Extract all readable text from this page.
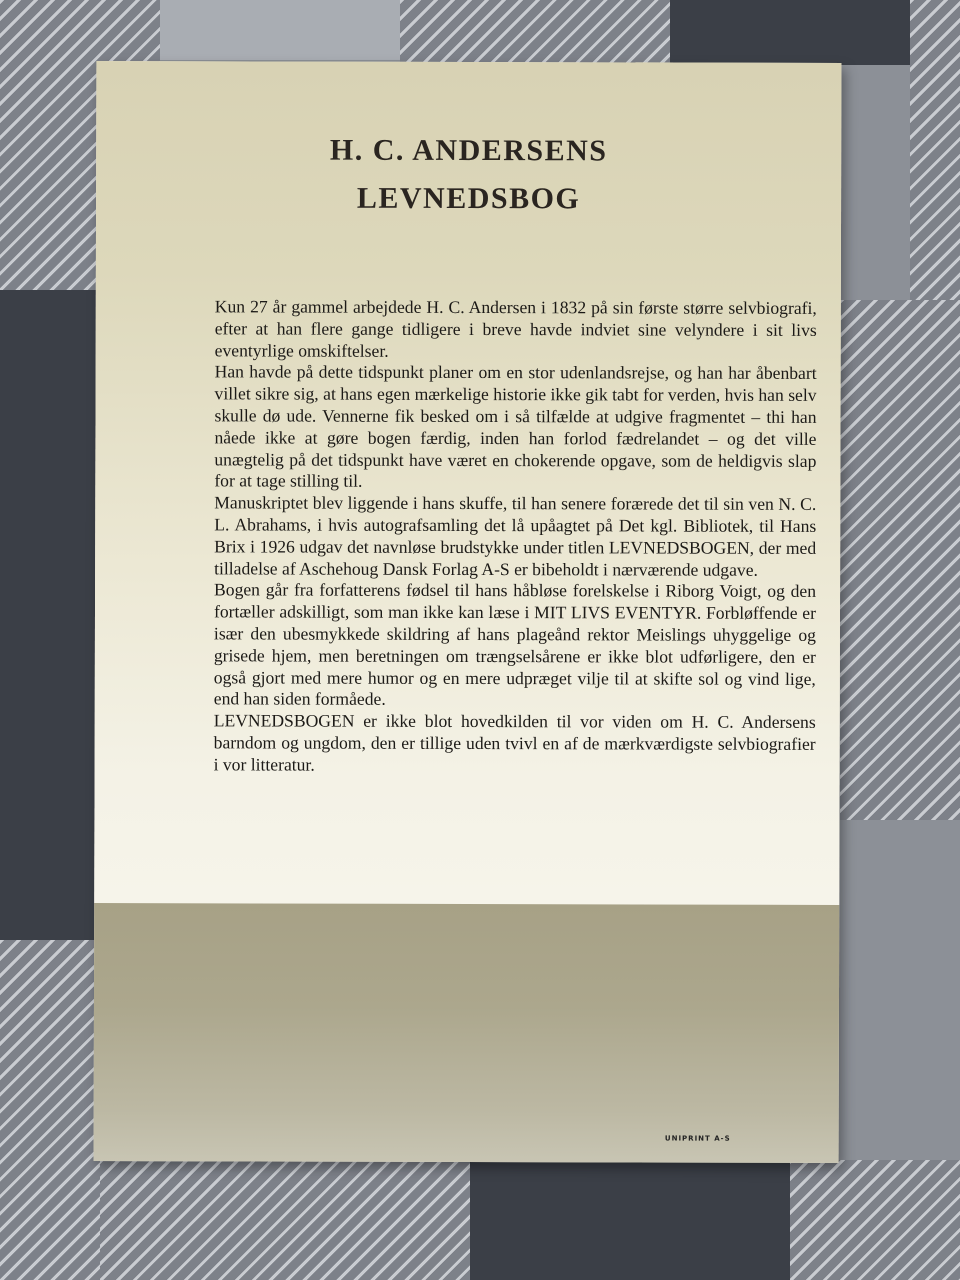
H. C. ANDERSENS
LEVNEDSBOG

Kun 27 år gammel arbejdede H. C. Andersen i 1832 på sin første større selvbiografi, efter at han flere gange tidligere i breve havde indviet sine velyndere i sit livs eventyrlige omskiftelser.

Han havde på dette tidspunkt planer om en stor udenlandsrejse, og han har åbenbart villet sikre sig, at hans egen mærkelige historie ikke gik tabt for verden, hvis han selv skulle dø ude. Vennerne fik besked om i så tilfælde at udgive fragmentet – thi han nåede ikke at gøre bogen færdig, inden han forlod fædrelandet – og det ville unægtelig på det tidspunkt have været en chokerende opgave, som de heldigvis slap for at tage stilling til.

Manuskriptet blev liggende i hans skuffe, til han senere forærede det til sin ven N. C. L. Abrahams, i hvis autografsamling det lå upåagtet på Det kgl. Bibliotek, til Hans Brix i 1926 udgav det navnløse brudstykke under titlen LEVNEDSBOGEN, der med tilladelse af Aschehoug Dansk Forlag A-S er bibeholdt i nærværende udgave.

Bogen går fra forfatterens fødsel til hans håbløse forelskelse i Riborg Voigt, og den fortæller adskilligt, som man ikke kan læse i MIT LIVS EVENTYR. Forbløffende er især den ubesmykkede skildring af hans plageånd rektor Meislings uhyggelige og grisede hjem, men beretningen om trængselsårene er ikke blot udførligere, den er også gjort med mere humor og en mere udpræget vilje til at skifte sol og vind lige, end han siden formåede.

LEVNEDSBOGEN er ikke blot hovedkilden til vor viden om H. C. Andersens barndom og ungdom, den er tillige uden tvivl en af de mærkværdigste selvbiografier i vor litteratur.

UNIPRINT A-S
